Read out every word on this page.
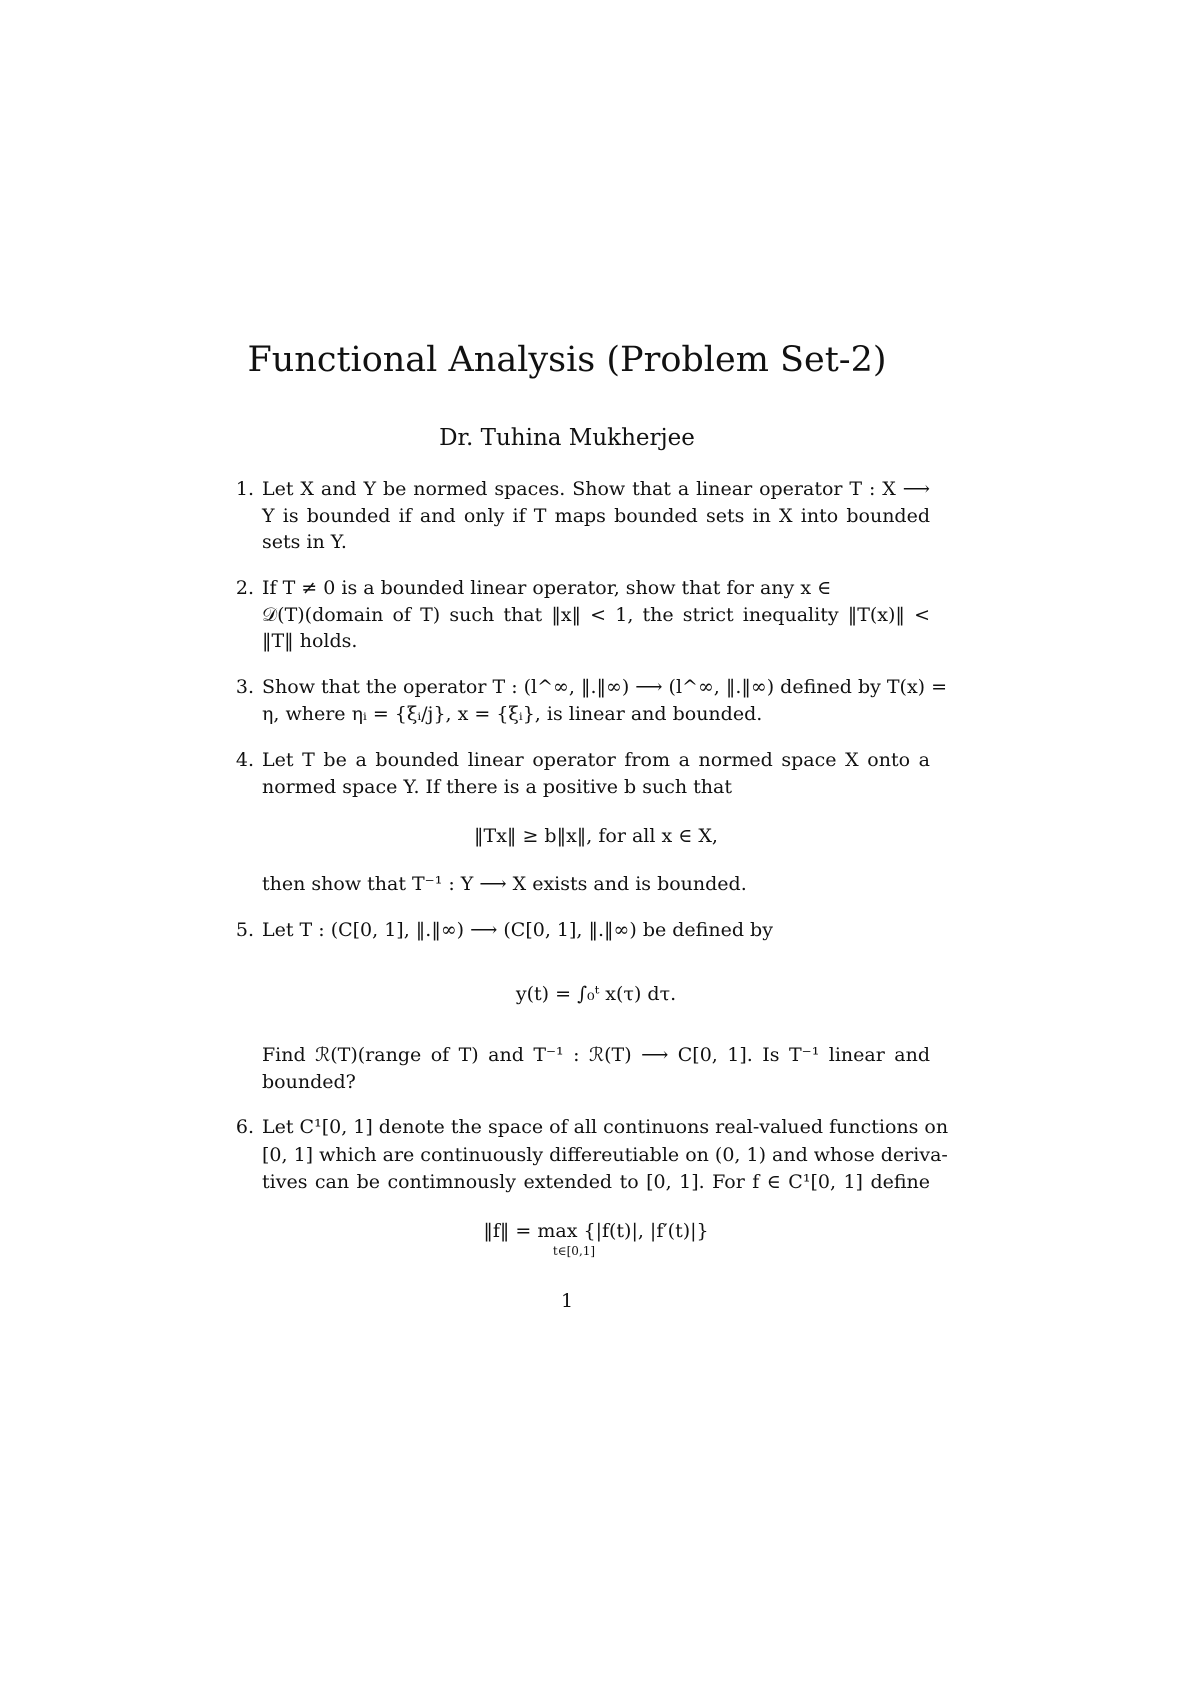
Functional Analysis (Problem Set-2)
Dr. Tuhina Mukherjee
1. Let X and Y be normed spaces. Show that a linear operator T : X ⟶
Y is bounded if and only if T maps bounded sets in X into bounded
sets in Y.
2. If T ≠ 0 is a bounded linear operator, show that for any x ∈
𝒟(T)(domain of T) such that ‖x‖ < 1, the strict inequality ‖T(x)‖ <
‖T‖ holds.
3. Show that the operator T : (l^∞, ‖.‖∞) ⟶ (l^∞, ‖.‖∞) defined by T(x) =
η, where ηᵢ = {ξᵢ/j}, x = {ξᵢ}, is linear and bounded.
4. Let T be a bounded linear operator from a normed space X onto a
normed space Y. If there is a positive b such that
‖Tx‖ ≥ b‖x‖, for all x ∈ X,
then show that T⁻¹ : Y ⟶ X exists and is bounded.
5. Let T : (C[0, 1], ‖.‖∞) ⟶ (C[0, 1], ‖.‖∞) be defined by
y(t) = ∫₀ᵗ x(τ) dτ.
Find ℛ(T)(range of T) and T⁻¹ : ℛ(T) ⟶ C[0, 1]. Is T⁻¹ linear and
bounded?
6. Let C¹[0, 1] denote the space of all continuons real-valued functions on
[0, 1] which are continuously differeutiable on (0, 1) and whose deriva-
tives can be contimnously extended to [0, 1]. For f ∈ C¹[0, 1] define
‖f‖ = max {|f(t)|, |f′(t)|}
t∈[0,1]
1
